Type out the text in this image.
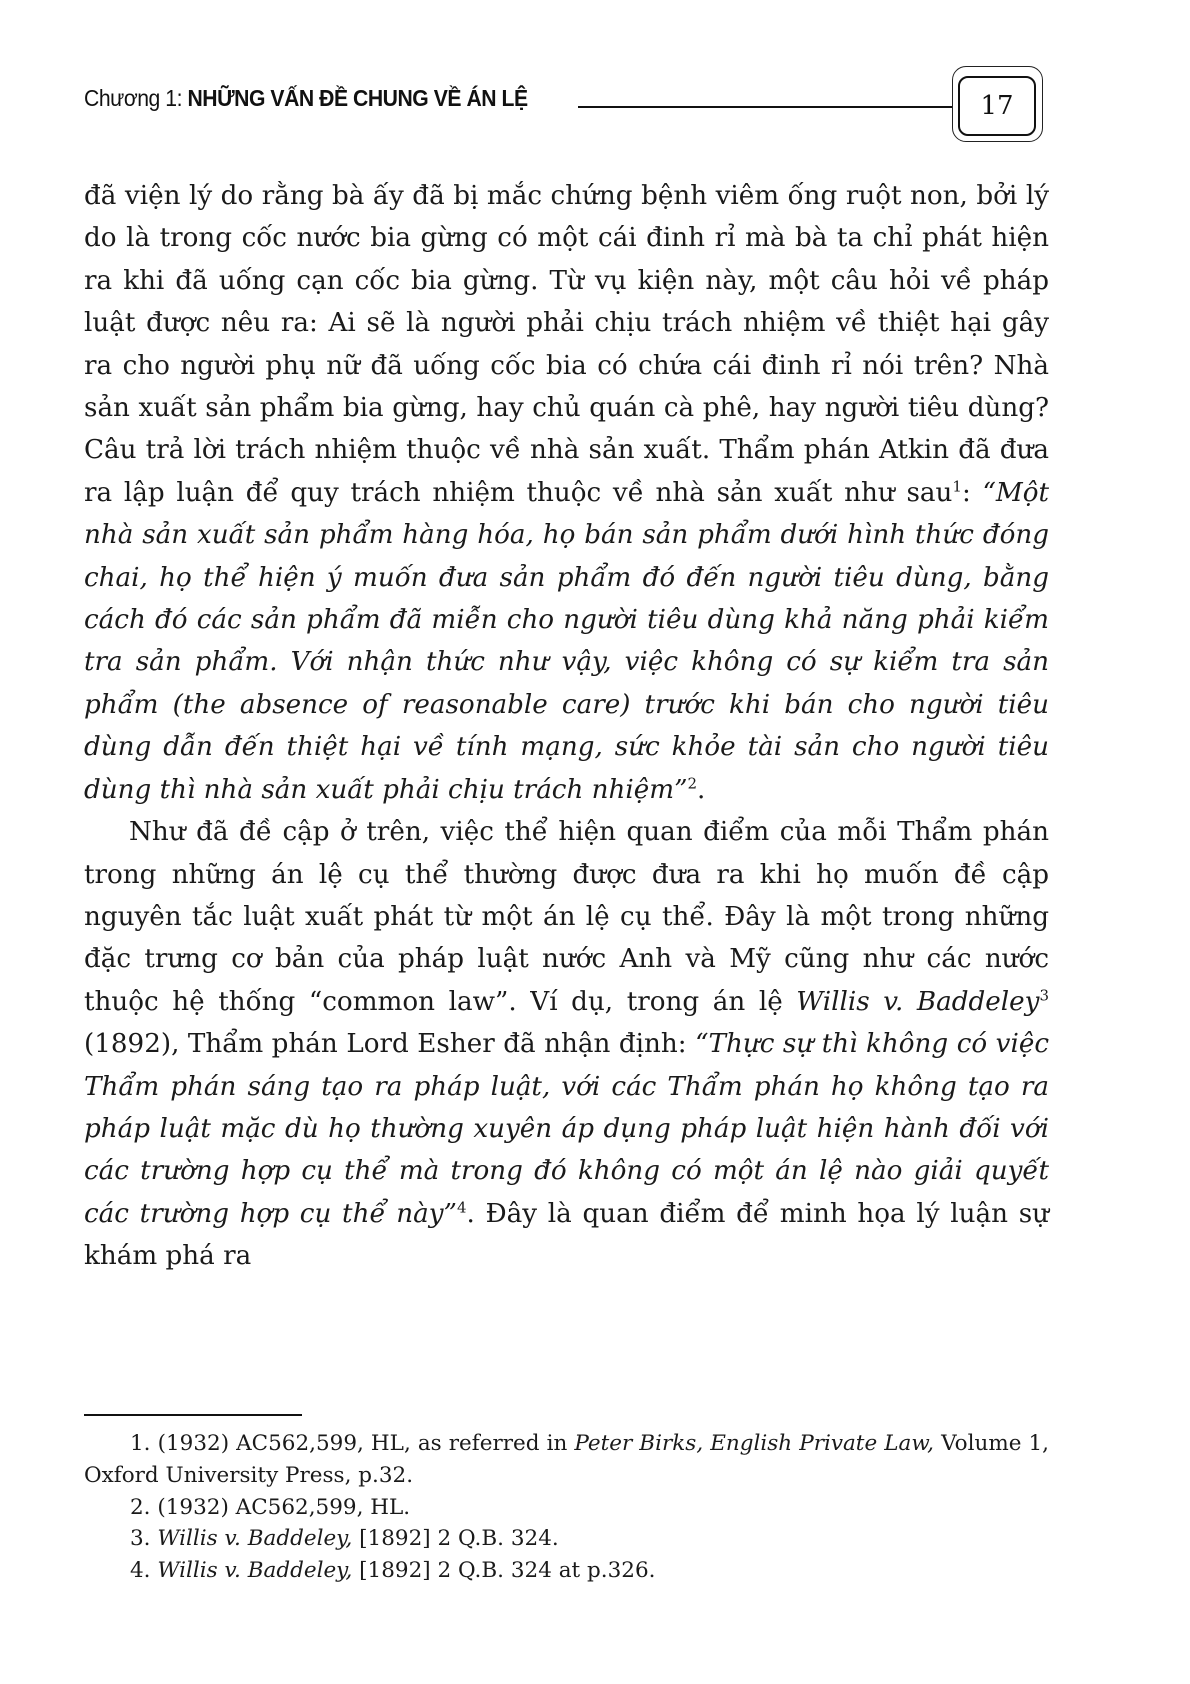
Chương 1: NHỮNG VẤN ĐỀ CHUNG VỀ ÁN LỆ	17

đã viện lý do rằng bà ấy đã bị mắc chứng bệnh viêm ống ruột non, bởi lý do là trong cốc nước bia gừng có một cái đinh rỉ mà bà ta chỉ phát hiện ra khi đã uống cạn cốc bia gừng. Từ vụ kiện này, một câu hỏi về pháp luật được nêu ra: Ai sẽ là người phải chịu trách nhiệm về thiệt hại gây ra cho người phụ nữ đã uống cốc bia có chứa cái đinh rỉ nói trên? Nhà sản xuất sản phẩm bia gừng, hay chủ quán cà phê, hay người tiêu dùng? Câu trả lời trách nhiệm thuộc về nhà sản xuất. Thẩm phán Atkin đã đưa ra lập luận để quy trách nhiệm thuộc về nhà sản xuất như sau$^1$: “Một nhà sản xuất sản phẩm hàng hóa, họ bán sản phẩm dưới hình thức đóng chai, họ thể hiện ý muốn đưa sản phẩm đó đến người tiêu dùng, bằng cách đó các sản phẩm đã miễn cho người tiêu dùng khả năng phải kiểm tra sản phẩm. Với nhận thức như vậy, việc không có sự kiểm tra sản phẩm (the absence of reasonable care) trước khi bán cho người tiêu dùng dẫn đến thiệt hại về tính mạng, sức khỏe tài sản cho người tiêu dùng thì nhà sản xuất phải chịu trách nhiệm”$^2$.

Như đã đề cập ở trên, việc thể hiện quan điểm của mỗi Thẩm phán trong những án lệ cụ thể thường được đưa ra khi họ muốn đề cập nguyên tắc luật xuất phát từ một án lệ cụ thể. Đây là một trong những đặc trưng cơ bản của pháp luật nước Anh và Mỹ cũng như các nước thuộc hệ thống “common law”. Ví dụ, trong án lệ Willis v. Baddeley$^3$ (1892), Thẩm phán Lord Esher đã nhận định: “Thực sự thì không có việc Thẩm phán sáng tạo ra pháp luật, với các Thẩm phán họ không tạo ra pháp luật mặc dù họ thường xuyên áp dụng pháp luật hiện hành đối với các trường hợp cụ thể mà trong đó không có một án lệ nào giải quyết các trường hợp cụ thể này”$^4$. Đây là quan điểm để minh họa lý luận sự khám phá ra

1. (1932) AC562,599, HL, as referred in Peter Birks, English Private Law, Volume 1, Oxford University Press, p.32.

2. (1932) AC562,599, HL.

3. Willis v. Baddeley, [1892] 2 Q.B. 324.

4. Willis v. Baddeley, [1892] 2 Q.B. 324 at p.326.
